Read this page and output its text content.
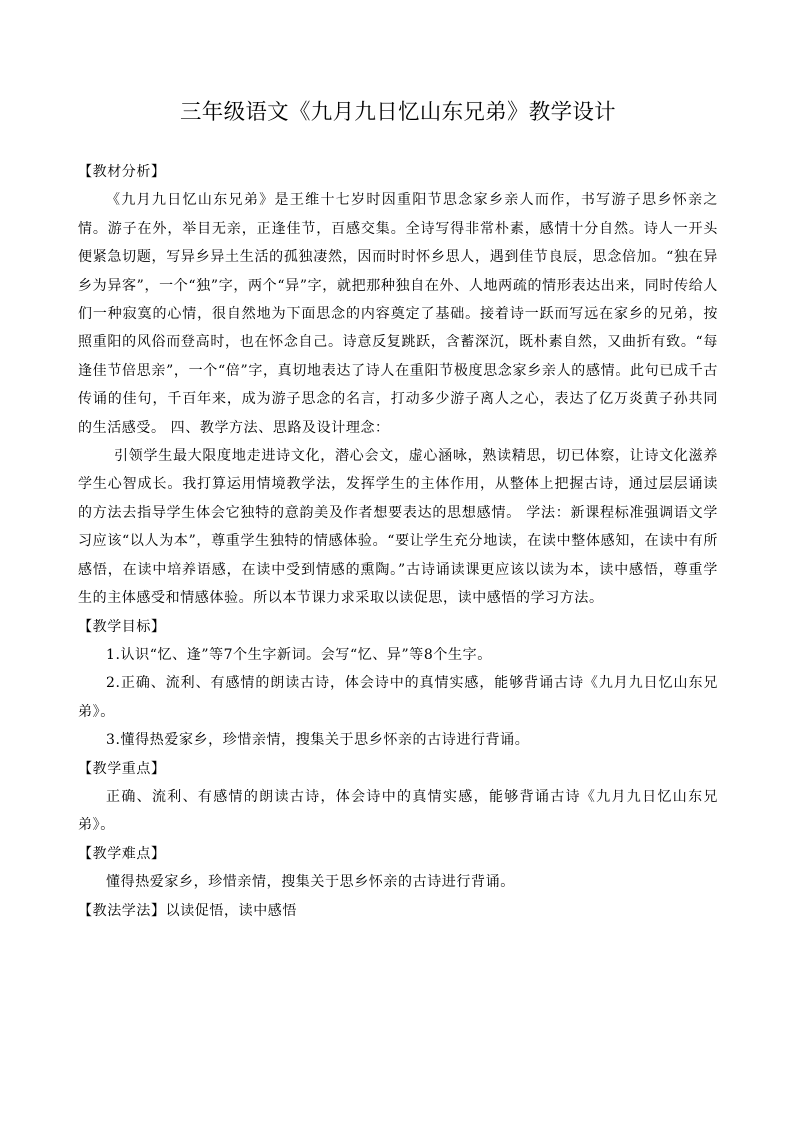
三年级语文《九月九日忆山东兄弟》教学设计

【教材分析】

《九月九日忆山东兄弟》是王维十七岁时因重阳节思念家乡亲人而作，书写游子思乡怀亲之情。游子在外，举目无亲，正逢佳节，百感交集。全诗写得非常朴素，感情十分自然。诗人一开头便紧急切题，写异乡异土生活的孤独凄然，因而时时怀乡思人，遇到佳节良辰，思念倍加。“独在异乡为异客”，一个“独”字，两个“异”字，就把那种独自在外、人地两疏的情形表达出来，同时传给人们一种寂寞的心情，很自然地为下面思念的内容奠定了基础。接着诗一跃而写远在家乡的兄弟，按照重阳的风俗而登高时，也在怀念自己。诗意反复跳跃，含蓄深沉，既朴素自然，又曲折有致。“每逢佳节倍思亲”，一个“倍”字，真切地表达了诗人在重阳节极度思念家乡亲人的感情。此句已成千古传诵的佳句，千百年来，成为游子思念的名言，打动多少游子离人之心，表达了亿万炎黄子孙共同的生活感受。 四、教学方法、思路及设计理念：

引领学生最大限度地走进诗文化，潜心会文，虚心涵咏，熟读精思，切已体察，让诗文化滋养学生心智成长。我打算运用情境教学法，发挥学生的主体作用，从整体上把握古诗，通过层层诵读的方法去指导学生体会它独特的意韵美及作者想要表达的思想感情。 学法：新课程标准强调语文学习应该“以人为本”，尊重学生独特的情感体验。“要让学生充分地读，在读中整体感知，在读中有所感悟，在读中培养语感，在读中受到情感的熏陶。”古诗诵读课更应该以读为本，读中感悟，尊重学生的主体感受和情感体验。所以本节课力求采取以读促思，读中感悟的学习方法。

【教学目标】

1.认识“忆、逢”等7个生字新词。会写“忆、异”等8个生字。

2.正确、流利、有感情的朗读古诗，体会诗中的真情实感，能够背诵古诗《九月九日忆山东兄弟》。

3.懂得热爱家乡，珍惜亲情，搜集关于思乡怀亲的古诗进行背诵。

【教学重点】

正确、流利、有感情的朗读古诗，体会诗中的真情实感，能够背诵古诗《九月九日忆山东兄弟》。

【教学难点】

懂得热爱家乡，珍惜亲情，搜集关于思乡怀亲的古诗进行背诵。

【教法学法】以读促悟，读中感悟
